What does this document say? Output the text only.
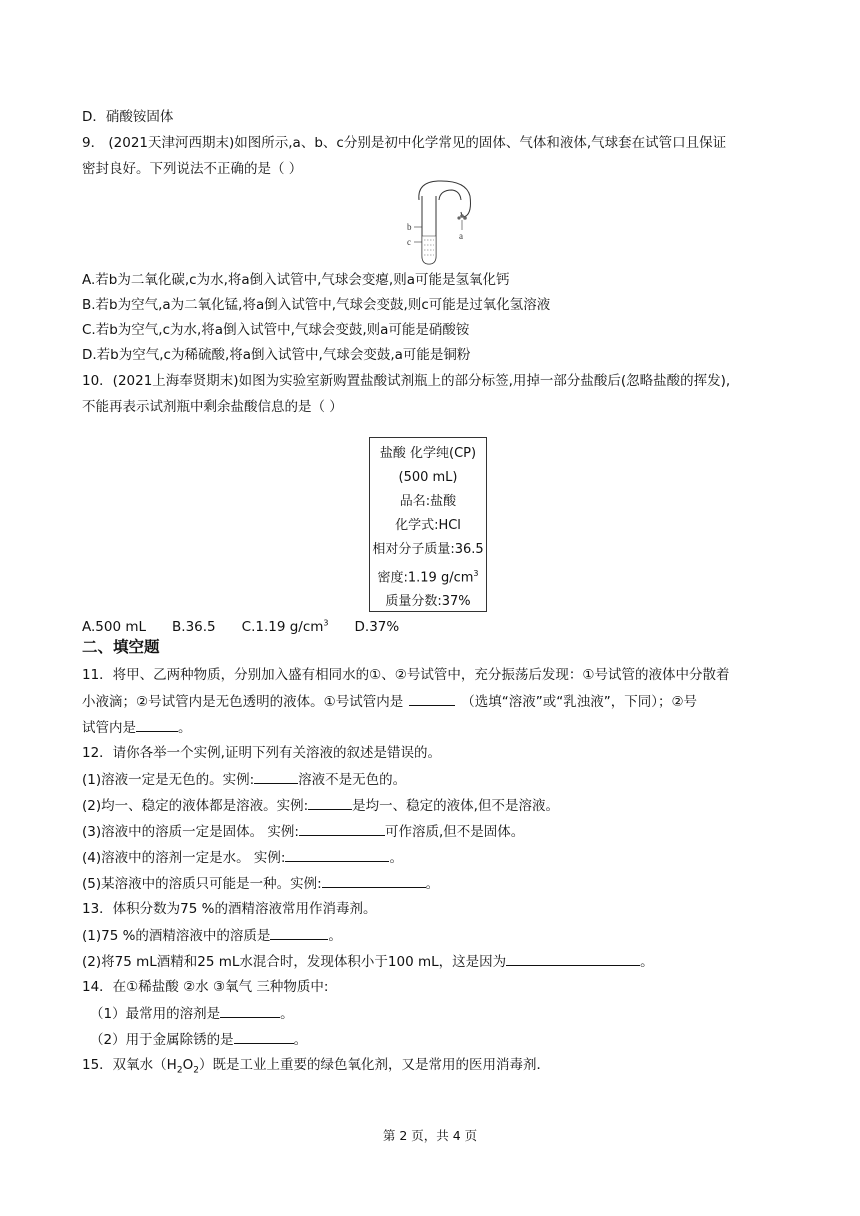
D．硝酸铵固体
9． (2021天津河西期末)如图所示,a、b、c分别是初中化学常见的固体、气体和液体,气球套在试管口且保证
密封良好。下列说法不正确的是（ ）
a
b
c
A.若b为二氧化碳,c为水,将a倒入试管中,气球会变瘪,则a可能是氢氧化钙
B.若b为空气,a为二氧化锰,将a倒入试管中,气球会变鼓,则c可能是过氧化氢溶液
C.若b为空气,c为水,将a倒入试管中,气球会变鼓,则a可能是硝酸铵
D.若b为空气,c为稀硫酸,将a倒入试管中,气球会变鼓,a可能是铜粉
10．(2021上海奉贤期末)如图为实验室新购置盐酸试剂瓶上的部分标签,用掉一部分盐酸后(忽略盐酸的挥发),
不能再表示试剂瓶中剩余盐酸信息的是（ ）
盐酸 化学纯(CP)
(500 mL)
品名:盐酸
化学式:HCl
相对分子质量:36.5
密度:1.19 $g/cm^3$
质量分数:37%
A.500 mL B.36.5 C.1.19 $g/cm^3$ D.37%
二、填空题
11．将甲、乙两种物质，分别加入盛有相同水的①、②号试管中，充分振荡后发现：①号试管的液体中分散着
小液滴；②号试管内是无色透明的液体。①号试管内是	（选填“溶液”或“乳浊液”，下同）；②号
试管内是	。
12．请你各举一个实例,证明下列有关溶液的叙述是错误的。
(1)溶液一定是无色的。实例:	溶液不是无色的。
(2)均一、稳定的液体都是溶液。实例:	是均一、稳定的液体,但不是溶液。
(3)溶液中的溶质一定是固体。 实例:	可作溶质,但不是固体。
(4)溶液中的溶剂一定是水。 实例:	。
(5)某溶液中的溶质只可能是一种。实例:	。
13．体积分数为75 %的酒精溶液常用作消毒剂。
(1)75 %的酒精溶液中的溶质是	。
(2)将75 mL酒精和25 mL水混合时，发现体积小于100 mL，这是因为	。
14．在①稀盐酸 ②水 ③氧气 三种物质中:
（1）最常用的溶剂是	。
（2）用于金属除锈的是	。
15．双氧水$(H_2O_2)$既是工业上重要的绿色氧化剂，又是常用的医用消毒剂．
第 2 页，共 4 页
